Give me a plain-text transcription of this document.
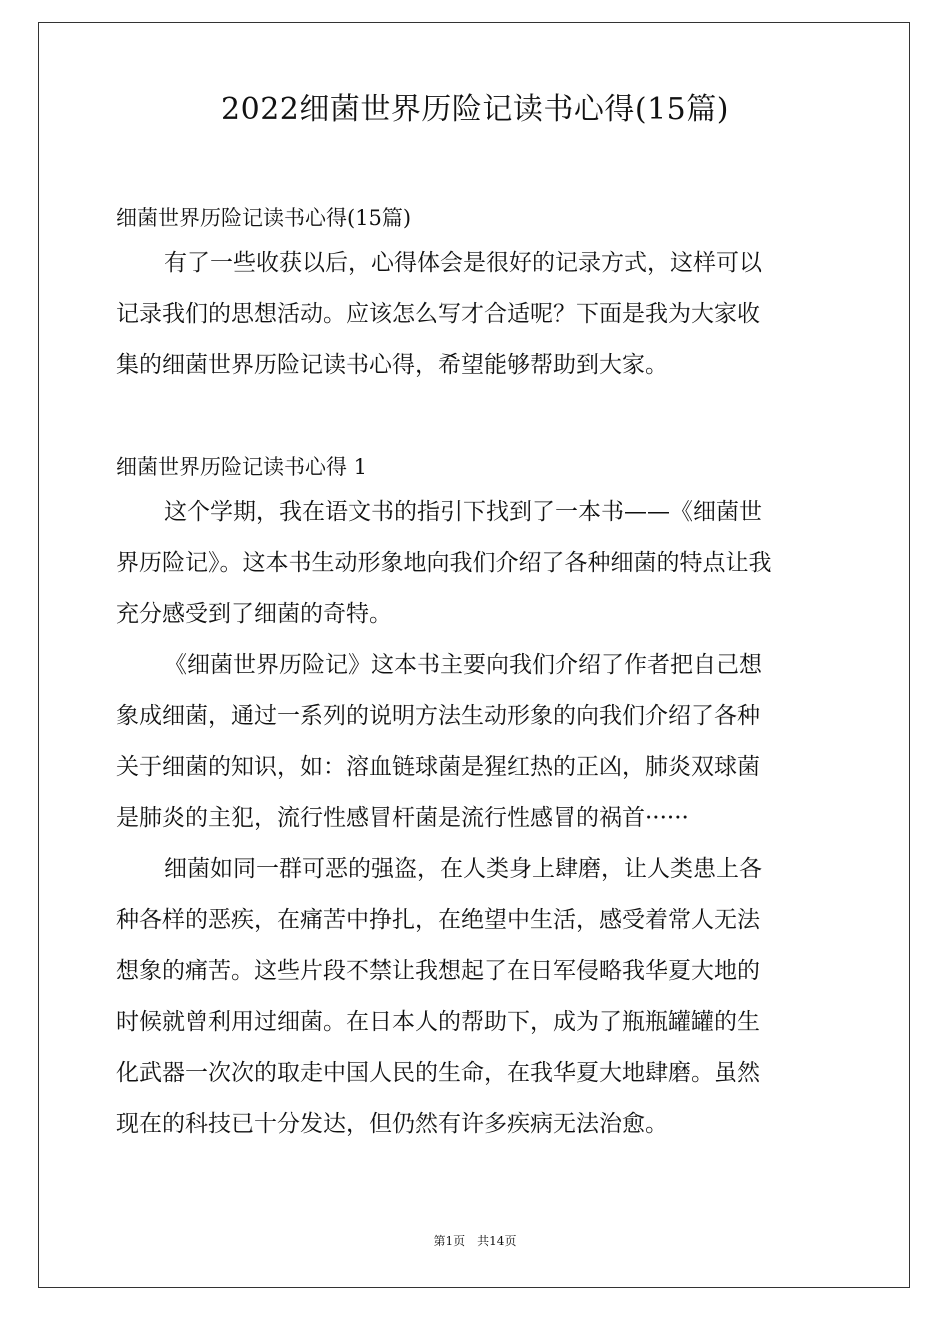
2022细菌世界历险记读书心得(15篇)

细菌世界历险记读书心得(15篇)

有了一些收获以后，心得体会是很好的记录方式，这样可以
记录我们的思想活动。应该怎么写才合适呢？下面是我为大家收
集的细菌世界历险记读书心得，希望能够帮助到大家。

细菌世界历险记读书心得 1

这个学期，我在语文书的指引下找到了一本书——《细菌世
界历险记》。这本书生动形象地向我们介绍了各种细菌的特点让我
充分感受到了细菌的奇特。

《细菌世界历险记》这本书主要向我们介绍了作者把自己想
象成细菌，通过一系列的说明方法生动形象的向我们介绍了各种
关于细菌的知识，如：溶血链球菌是猩红热的正凶，肺炎双球菌
是肺炎的主犯，流行性感冒杆菌是流行性感冒的祸首······

细菌如同一群可恶的强盗，在人类身上肆磨，让人类患上各
种各样的恶疾，在痛苦中挣扎，在绝望中生活，感受着常人无法
想象的痛苦。这些片段不禁让我想起了在日军侵略我华夏大地的
时候就曾利用过细菌。在日本人的帮助下，成为了瓶瓶罐罐的生
化武器一次次的取走中国人民的生命，在我华夏大地肆磨。虽然
现在的科技已十分发达，但仍然有许多疾病无法治愈。

第1页 共14页
